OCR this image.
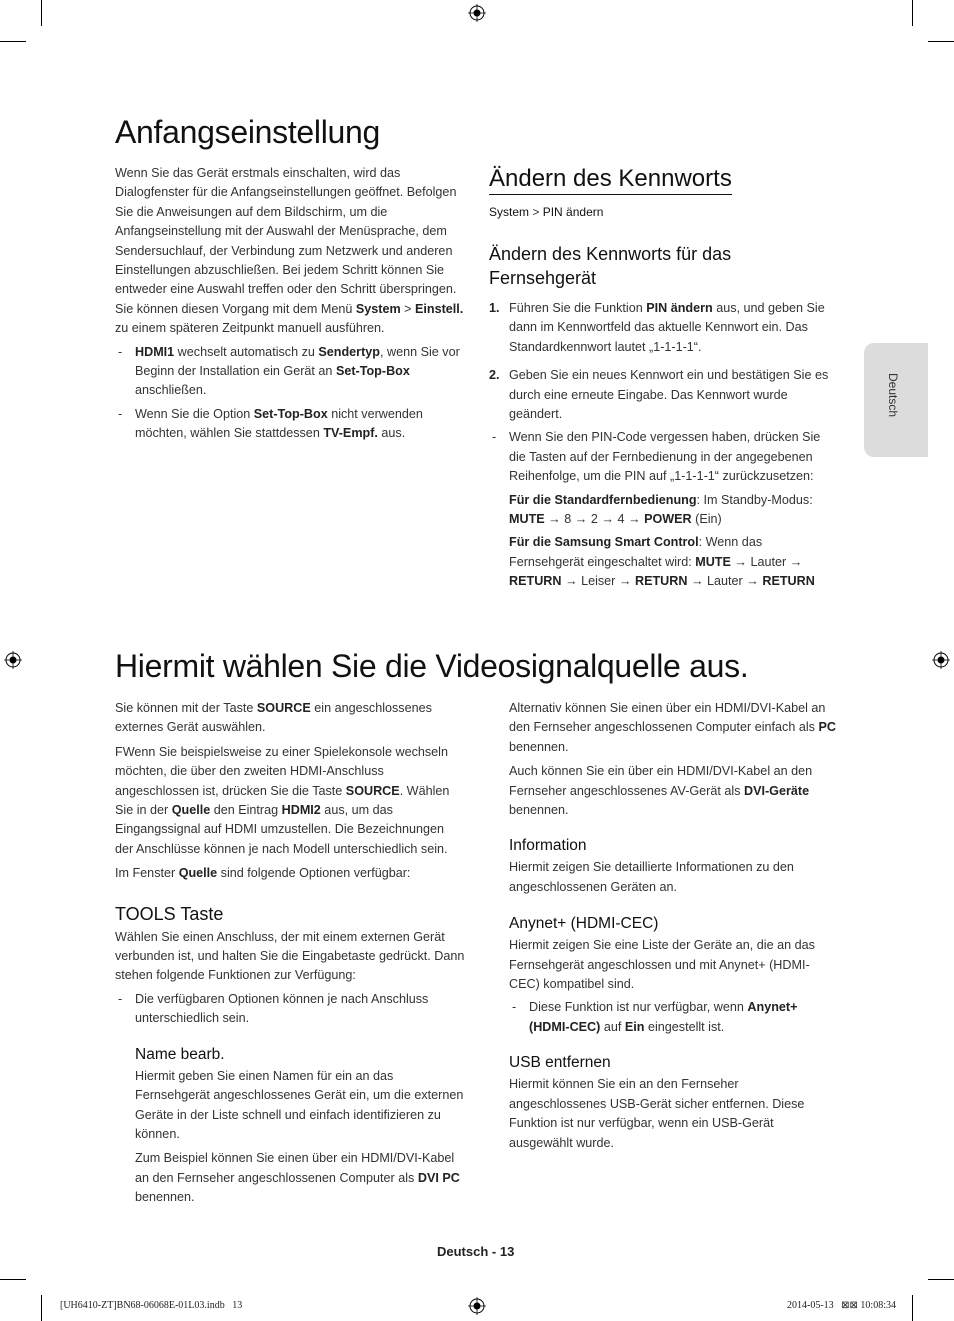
Deutsch
Anfangseinstellung

Wenn Sie das Gerät erstmals einschalten, wird das Dialogfenster für die Anfangseinstellungen geöffnet. Befolgen Sie die Anweisungen auf dem Bildschirm, um die Anfangseinstellung mit der Auswahl der Menüsprache, dem Sendersuchlauf, der Verbindung zum Netzwerk und anderen Einstellungen abzuschließen. Bei jedem Schritt können Sie entweder eine Auswahl treffen oder den Schritt überspringen. Sie können diesen Vorgang mit dem Menü System > Einstell. zu einem späteren Zeitpunkt manuell ausführen.

- HDMI1 wechselt automatisch zu Sendertyp, wenn Sie vor Beginn der Installation ein Gerät an Set-Top-Box anschließen.

- Wenn Sie die Option Set-Top-Box nicht verwenden möchten, wählen Sie stattdessen TV-Empf. aus.

Ändern des Kennworts
System > PIN ändern
Ändern des Kennworts für das Fernsehgerät
1. Führen Sie die Funktion PIN ändern aus, und geben Sie dann im Kennwortfeld das aktuelle Kennwort ein. Das Standardkennwort lautet „1-1-1-1“.

2. Geben Sie ein neues Kennwort ein und bestätigen Sie es durch eine erneute Eingabe. Das Kennwort wurde geändert.

- Wenn Sie den PIN-Code vergessen haben, drücken Sie die Tasten auf der Fernbedienung in der angegebenen Reihenfolge, um die PIN auf „1-1-1-1“ zurückzusetzen:

Für die Standardfernbedienung: Im Standby-Modus: MUTE → 8 → 2 → 4 → POWER (Ein)

Für die Samsung Smart Control: Wenn das Fernsehgerät eingeschaltet wird: MUTE → Lauter → RETURN → Leiser → RETURN → Lauter → RETURN

Hiermit wählen Sie die Videosignalquelle aus.

Sie können mit der Taste SOURCE ein angeschlossenes externes Gerät auswählen.

FWenn Sie beispielsweise zu einer Spielekonsole wechseln möchten, die über den zweiten HDMI-Anschluss angeschlossen ist, drücken Sie die Taste SOURCE. Wählen Sie in der Quelle den Eintrag HDMI2 aus, um das Eingangssignal auf HDMI umzustellen. Die Bezeichnungen der Anschlüsse können je nach Modell unterschiedlich sein.

Im Fenster Quelle sind folgende Optionen verfügbar:

TOOLS Taste

Wählen Sie einen Anschluss, der mit einem externen Gerät verbunden ist, und halten Sie die Eingabetaste gedrückt. Dann stehen folgende Funktionen zur Verfügung:

- Die verfügbaren Optionen können je nach Anschluss unterschiedlich sein.

Name bearb.

Hiermit geben Sie einen Namen für ein an das Fernsehgerät angeschlossenes Gerät ein, um die externen Geräte in der Liste schnell und einfach identifizieren zu können.

Zum Beispiel können Sie einen über ein HDMI/DVI-Kabel an den Fernseher angeschlossenen Computer als DVI PC benennen.

Alternativ können Sie einen über ein HDMI/DVI-Kabel an den Fernseher angeschlossenen Computer einfach als PC benennen.

Auch können Sie ein über ein HDMI/DVI-Kabel an den Fernseher angeschlossenes AV-Gerät als DVI-Geräte benennen.

Information

Hiermit zeigen Sie detaillierte Informationen zu den angeschlossenen Geräten an.

Anynet+ (HDMI-CEC)

Hiermit zeigen Sie eine Liste der Geräte an, die an das Fernsehgerät angeschlossen und mit Anynet+ (HDMI-CEC) kompatibel sind.

- Diese Funktion ist nur verfügbar, wenn Anynet+ (HDMI-CEC) auf Ein eingestellt ist.

USB entfernen

Hiermit können Sie ein an den Fernseher angeschlossenes USB-Gerät sicher entfernen. Diese Funktion ist nur verfügbar, wenn ein USB-Gerät ausgewählt wurde.

Deutsch - 13
[UH6410-ZT]BN68-06068E-01L03.indb   13	2014-05-13   ⊠⊠ 10:08:34
